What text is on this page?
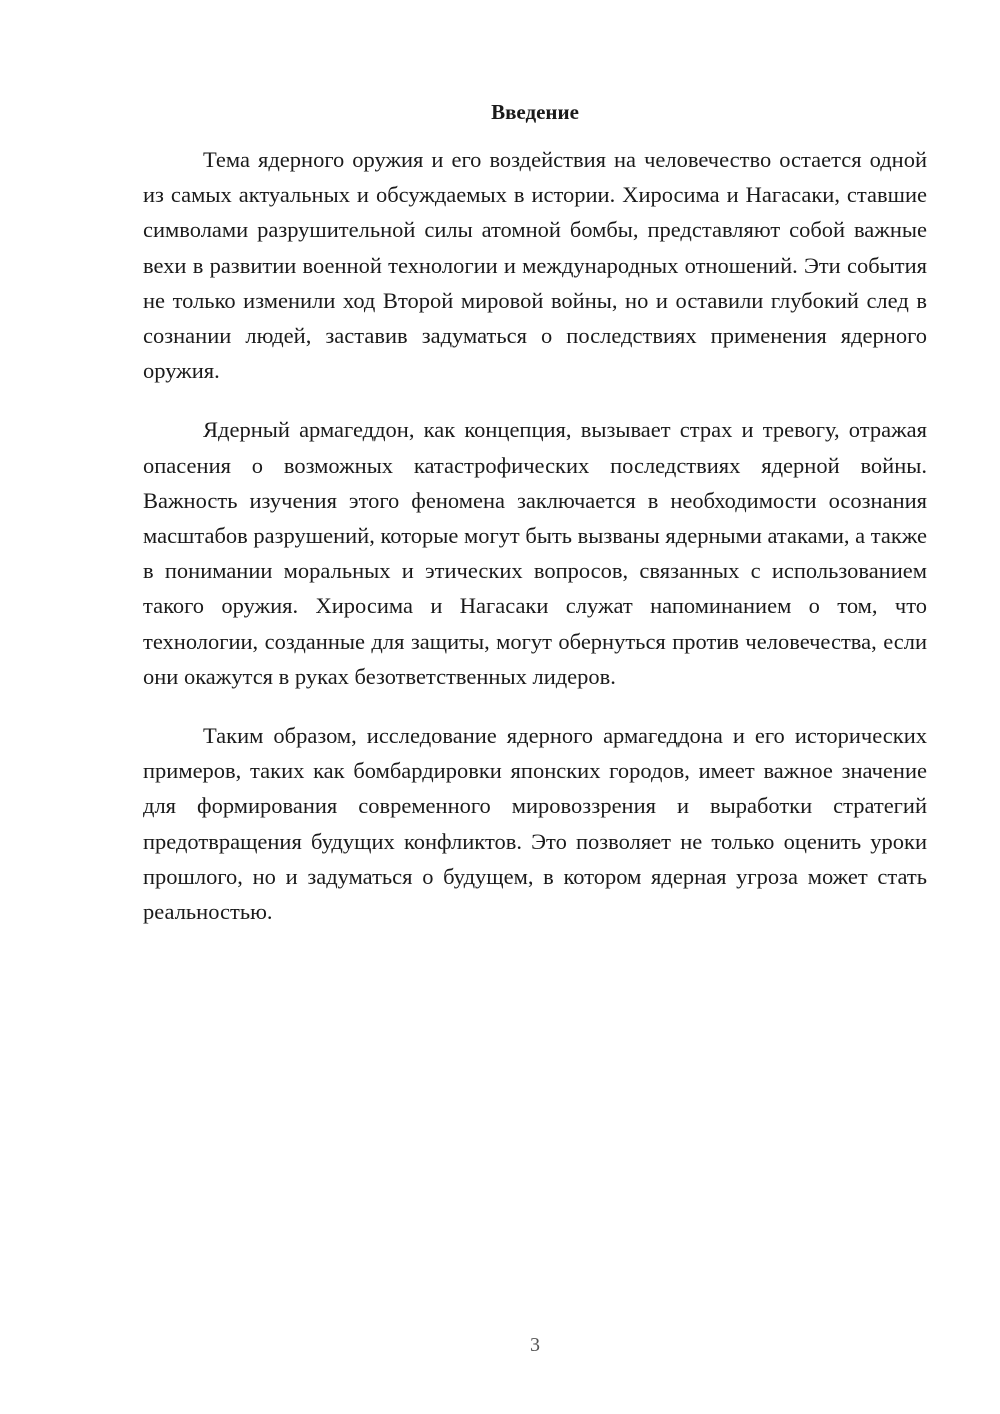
Введение

Тема ядерного оружия и его воздействия на человечество остается одной из самых актуальных и обсуждаемых в истории. Хиросима и Нагасаки, ставшие символами разрушительной силы атомной бомбы, представляют собой важные вехи в развитии военной технологии и международных отношений. Эти события не только изменили ход Второй мировой войны, но и оставили глубокий след в сознании людей, заставив задуматься о последствиях применения ядерного оружия.

Ядерный армагеддон, как концепция, вызывает страх и тревогу, отражая опасения о возможных катастрофических последствиях ядерной войны. Важность изучения этого феномена заключается в необходимости осознания масштабов разрушений, которые могут быть вызваны ядерными атаками, а также в понимании моральных и этических вопросов, связанных с использованием такого оружия. Хиросима и Нагасаки служат напоминанием о том, что технологии, созданные для защиты, могут обернуться против человечества, если они окажутся в руках безответственных лидеров.

Таким образом, исследование ядерного армагеддона и его исторических примеров, таких как бомбардировки японских городов, имеет важное значение для формирования современного мировоззрения и выработки стратегий предотвращения будущих конфликтов. Это позволяет не только оценить уроки прошлого, но и задуматься о будущем, в котором ядерная угроза может стать реальностью.

3
